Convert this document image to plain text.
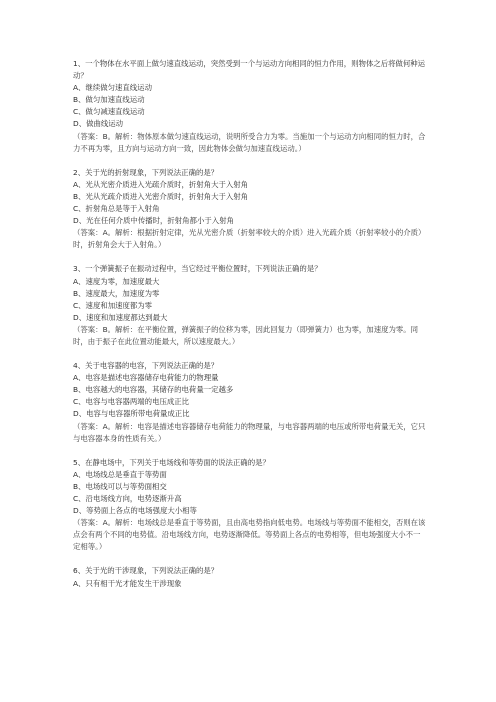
1、一个物体在水平面上做匀速直线运动，突然受到一个与运动方向相同的恒力作用，则物体之后将做何种运动？
A、继续做匀速直线运动
B、做匀加速直线运动
C、做匀减速直线运动
D、做曲线运动
（答案：B。解析：物体原本做匀速直线运动，说明所受合力为零。当施加一个与运动方向相同的恒力时，合力不再为零，且方向与运动方向一致，因此物体会做匀加速直线运动。）
2、关于光的折射现象，下列说法正确的是？
A、光从光密介质进入光疏介质时，折射角大于入射角
B、光从光疏介质进入光密介质时，折射角大于入射角
C、折射角总是等于入射角
D、光在任何介质中传播时，折射角都小于入射角
（答案：A。解析：根据折射定律，光从光密介质（折射率较大的介质）进入光疏介质（折射率较小的介质）时，折射角会大于入射角。）
3、一个弹簧振子在振动过程中，当它经过平衡位置时，下列说法正确的是？
A、速度为零，加速度最大
B、速度最大，加速度为零
C、速度和加速度都为零
D、速度和加速度都达到最大
（答案：B。解析：在平衡位置，弹簧振子的位移为零，因此回复力（即弹簧力）也为零，加速度为零。同时，由于振子在此位置动能最大，所以速度最大。）
4、关于电容器的电容，下列说法正确的是？
A、电容是描述电容器储存电荷能力的物理量
B、电容越大的电容器，其储存的电荷量一定越多
C、电容与电容器两端的电压成正比
D、电容与电容器所带电荷量成正比
（答案：A。解析：电容是描述电容器储存电荷能力的物理量，与电容器两端的电压或所带电荷量无关，它只与电容器本身的性质有关。）
5、在静电场中，下列关于电场线和等势面的说法正确的是？
A、电场线总是垂直于等势面
B、电场线可以与等势面相交
C、沿电场线方向，电势逐渐升高
D、等势面上各点的电场强度大小相等
（答案：A。解析：电场线总是垂直于等势面，且由高电势指向低电势。电场线与等势面不能相交，否则在该点会有两个不同的电势值。沿电场线方向，电势逐渐降低。等势面上各点的电势相等，但电场强度大小不一定相等。）
6、关于光的干涉现象，下列说法正确的是？
A、只有相干光才能发生干涉现象
